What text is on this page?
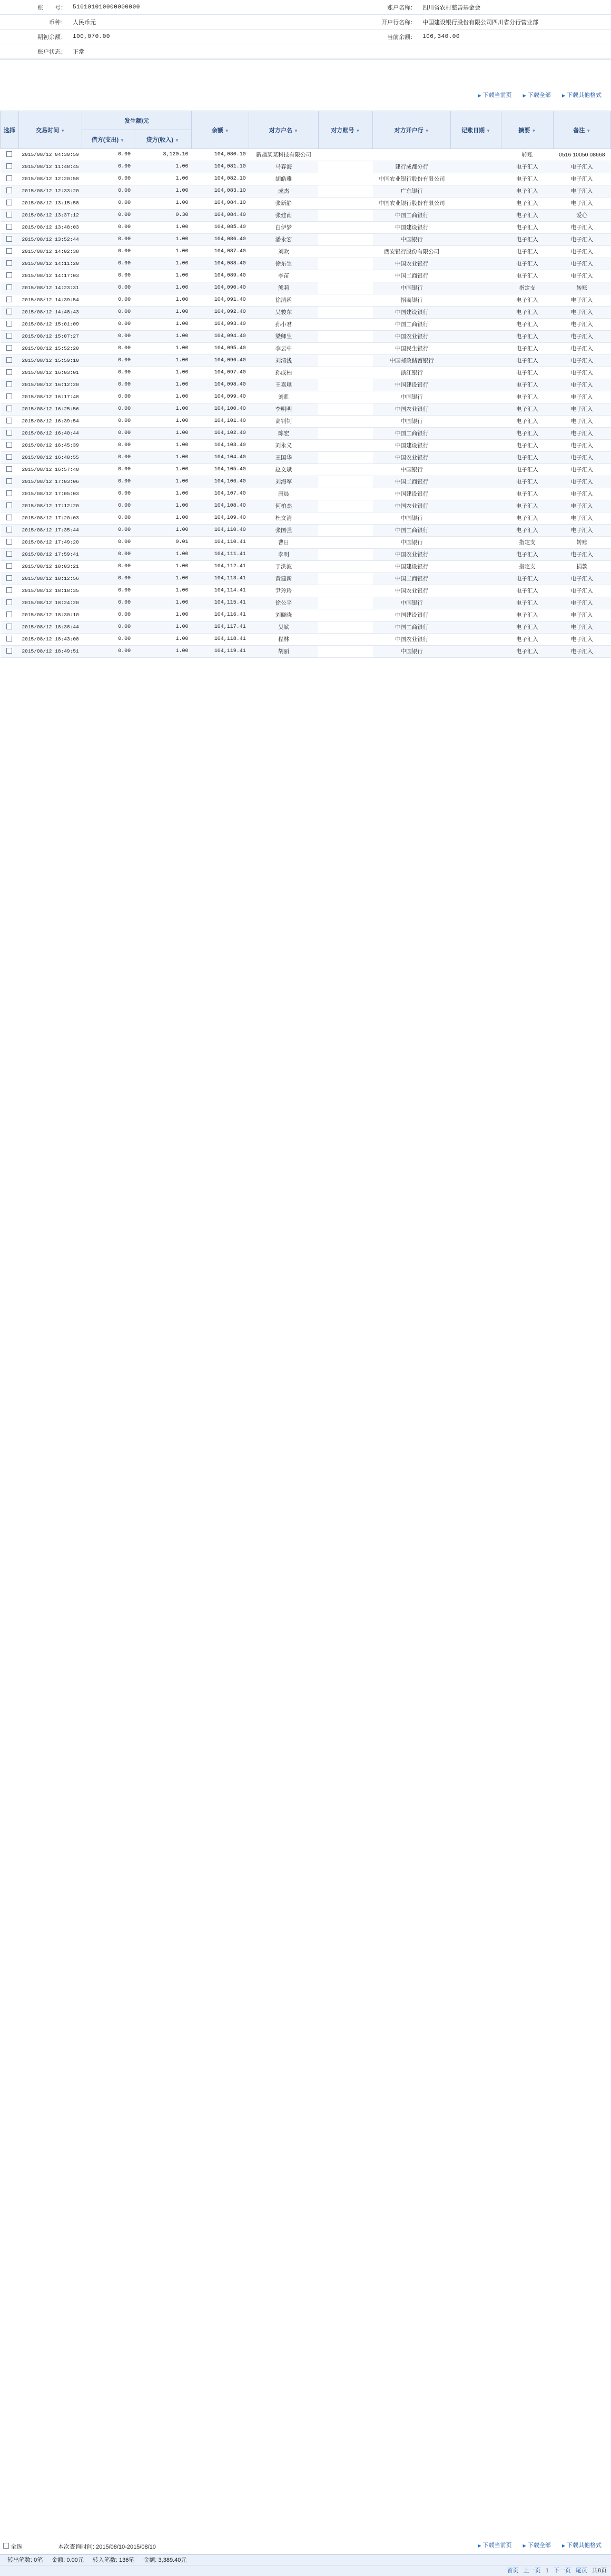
账　　号：	510101010000000000	账户名称：	四川省农村慈善基金会
币种：	人民币元	开户行名称：	中国建设银行股份有限公司四川省分行营业部
期初余额：	100,070.00	当前余额：	106,340.00
账户状态：	正常		
▶ 下载当前页	▶ 下载全部	▶ 下载其他格式
选择	交易时间 ▼	发生额/元		余额 ▼	对方户名 ▼	对方账号 ▼	对方开户行 ▼	记账日期 ▼	摘要 ▼	备注 ▼
		借方(支出) ▼	贷方(收入) ▼							
	2015/08/12 04:30:59	0.00	3,120.10	104,080.10	新疆某某科技有限公司				转账	0516 10050 08668
	2015/08/12 11:48:45	0.00	1.00	104,081.10	马春海		建行成都分行		电子汇入	电子汇入
	2015/08/12 12:20:58	0.00	1.00	104,082.10	胡皓雅		中国农业银行股份有限公司		电子汇入	电子汇入
	2015/08/12 12:33:20	0.00	1.00	104,083.10	成杰		广东银行		电子汇入	电子汇入
	2015/08/12 13:15:58	0.00	1.00	104,084.10	张新静		中国农业银行股份有限公司		电子汇入	电子汇入
	2015/08/12 13:37:12	0.00	0.30	104,084.40	张建南		中国工商银行		电子汇入	爱心
	2015/08/12 13:48:03	0.00	1.00	104,085.40	白伊梦		中国建设银行		电子汇入	电子汇入
	2015/08/12 13:52:44	0.00	1.00	104,086.40	潘永宏		中国银行		电子汇入	电子汇入
	2015/08/12 14:02:38	0.00	1.00	104,087.40	刘欢		西安银行股份有限公司		电子汇入	电子汇入
	2015/08/12 14:11:20	0.00	1.00	104,088.40	徐东生		中国农业银行		电子汇入	电子汇入
	2015/08/12 14:17:03	0.00	1.00	104,089.40	李苗		中国工商银行		电子汇入	电子汇入
	2015/08/12 14:23:31	0.00	1.00	104,090.40	熊莉		中国银行		指定支	转账
	2015/08/12 14:39:54	0.00	1.00	104,091.40	徐清函		招商银行		电子汇入	电子汇入
	2015/08/12 14:48:43	0.00	1.00	104,092.40	吴骏东		中国建设银行		电子汇入	电子汇入
	2015/08/12 15:01:09	0.00	1.00	104,093.40	孙小君		中国工商银行		电子汇入	电子汇入
	2015/08/12 15:07:27	0.00	1.00	104,094.40	梁卿生		中国农业银行		电子汇入	电子汇入
	2015/08/12 15:52:20	0.00	1.00	104,095.40	李云中		中国民生银行		电子汇入	电子汇入
	2015/08/12 15:59:10	0.00	1.00	104,096.40	刘清浅		中国邮政储蓄银行		电子汇入	电子汇入
	2015/08/12 16:03:01	0.00	1.00	104,097.40	孙成柏		浙江银行		电子汇入	电子汇入
	2015/08/12 16:12:20	0.00	1.00	104,098.40	王嘉琪		中国建设银行		电子汇入	电子汇入
	2015/08/12 16:17:48	0.00	1.00	104,099.40	刘凯		中国银行		电子汇入	电子汇入
	2015/08/12 16:25:56	0.00	1.00	104,100.40	李明明		中国农业银行		电子汇入	电子汇入
	2015/08/12 16:39:54	0.00	1.00	104,101.40	高钊钊		中国银行		电子汇入	电子汇入
	2015/08/12 16:40:44	0.00	1.00	104,102.40	陈宏		中国工商银行		电子汇入	电子汇入
	2015/08/12 16:45:39	0.00	1.00	104,103.40	刘永义		中国建设银行		电子汇入	电子汇入
	2015/08/12 16:48:55	0.00	1.00	104,104.40	王国华		中国农业银行		电子汇入	电子汇入
	2015/08/12 16:57:40	0.00	1.00	104,105.40	赵文斌		中国银行		电子汇入	电子汇入
	2015/08/12 17:03:06	0.00	1.00	104,106.40	刘海军		中国工商银行		电子汇入	电子汇入
	2015/08/12 17:05:03	0.00	1.00	104,107.40	唐晨		中国建设银行		电子汇入	电子汇入
	2015/08/12 17:12:20	0.00	1.00	104,108.40	何柏杰		中国农业银行		电子汇入	电子汇入
	2015/08/12 17:20:03	0.00	1.00	104,109.40	杜文清		中国银行		电子汇入	电子汇入
	2015/08/12 17:35:44	0.00	1.00	104,110.40	张国强		中国工商银行		电子汇入	电子汇入
	2015/08/12 17:49:20	0.00	0.01	104,110.41	曹日		中国银行		指定支	转账
	2015/08/12 17:59:41	0.00	1.00	104,111.41	李明		中国农业银行		电子汇入	电子汇入
	2015/08/12 18:03:21	0.00	1.00	104,112.41	于洪波		中国建设银行		指定支	捐款
	2015/08/12 18:12:56	0.00	1.00	104,113.41	黄建新		中国工商银行		电子汇入	电子汇入
	2015/08/12 18:18:35	0.00	1.00	104,114.41	尹玲玲		中国农业银行		电子汇入	电子汇入
	2015/08/12 18:24:20	0.00	1.00	104,115.41	徐公平		中国银行		电子汇入	电子汇入
	2015/08/12 18:30:10	0.00	1.00	104,116.41	刘晓晓		中国建设银行		电子汇入	电子汇入
	2015/08/12 18:38:44	0.00	1.00	104,117.41	吴斌		中国工商银行		电子汇入	电子汇入
	2015/08/12 18:43:08	0.00	1.00	104,118.41	程林		中国农业银行		电子汇入	电子汇入
	2015/08/12 18:49:51	0.00	1.00	104,119.41	胡丽		中国银行		电子汇入	电子汇入
全选	本次查询时间: 2015/08/10-2015/08/10	▶ 下载当前页	▶ 下载全部	▶ 下载其他格式
转出笔数: 0笔 金额: 0.00元 转入笔数: 136笔 金额: 3,389.40元
首页 上一页 1 下一页 尾页 共8页
